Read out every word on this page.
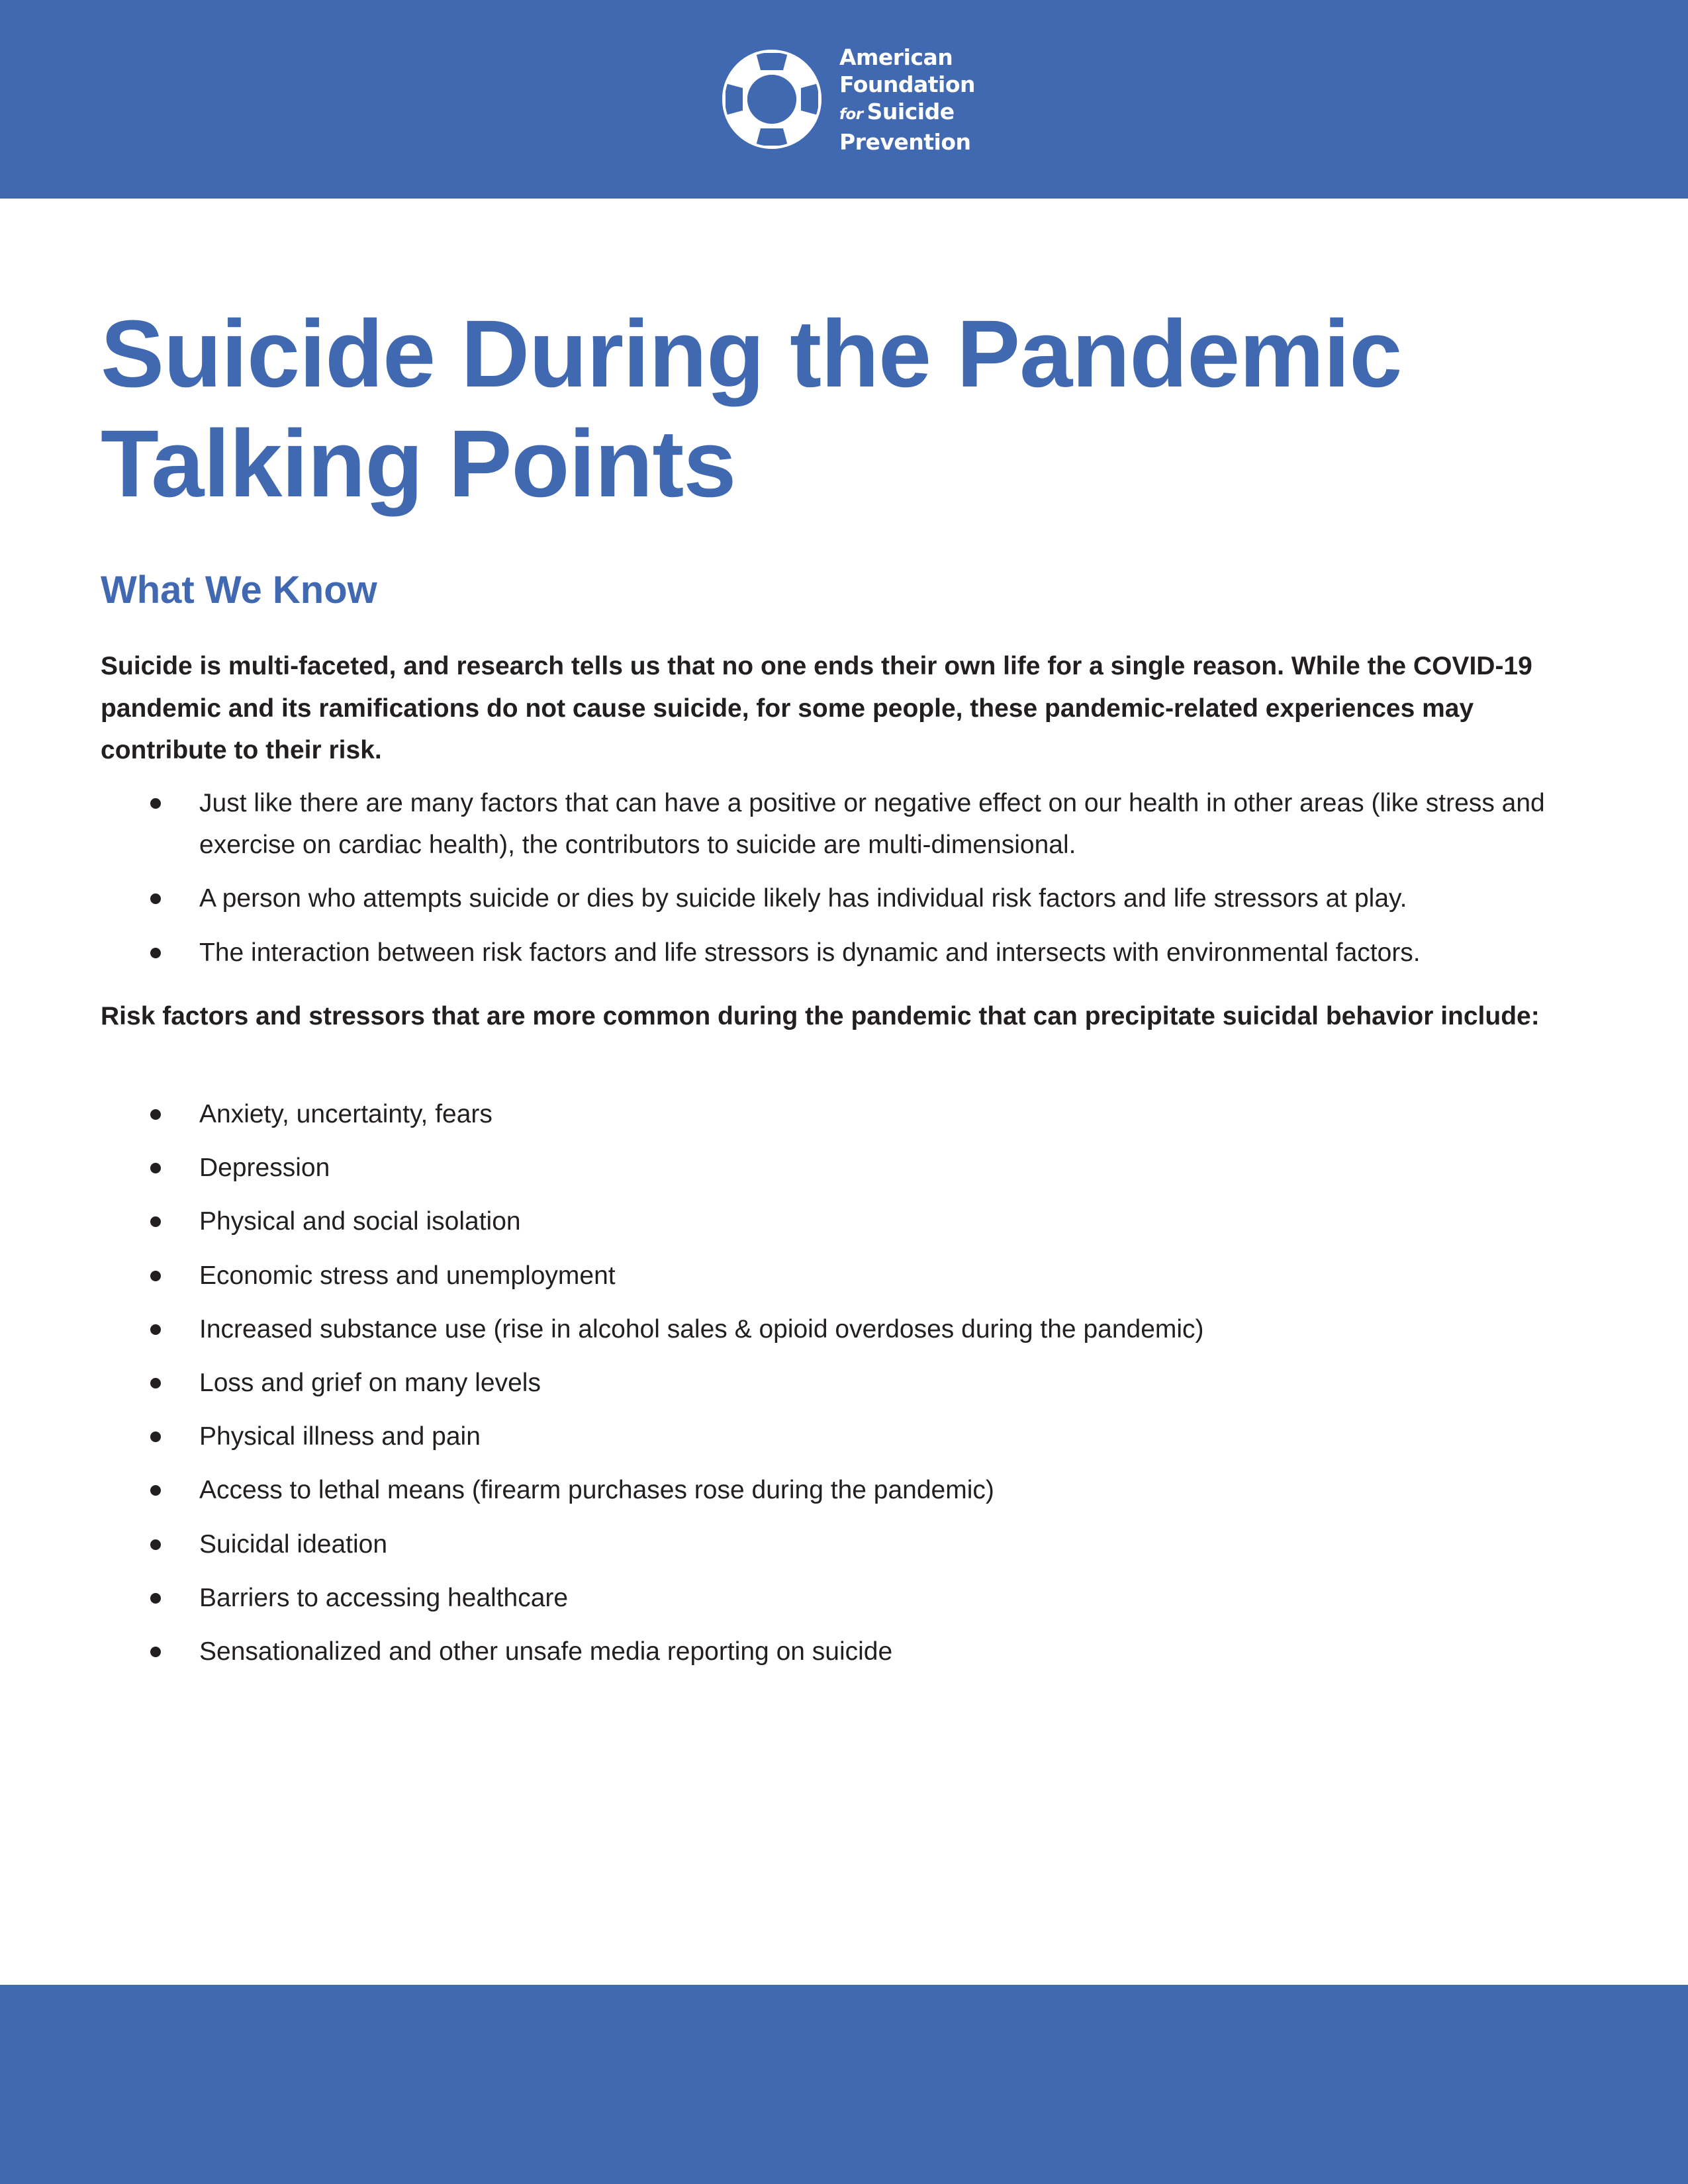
American
Foundation
for Suicide
Prevention
Suicide During the Pandemic
Talking Points
What We Know

Suicide is multi-faceted, and research tells us that no one ends their own life for a single reason. While the COVID-19 pandemic and its ramifications do not cause suicide, for some people, these pandemic-related experiences may contribute to their risk.

Just like there are many factors that can have a positive or negative effect on our health in other areas (like stress and exercise on cardiac health), the contributors to suicide are multi-dimensional.
A person who attempts suicide or dies by suicide likely has individual risk factors and life stressors at play.
The interaction between risk factors and life stressors is dynamic and intersects with environmental factors.

Risk factors and stressors that are more common during the pandemic that can precipitate suicidal behavior include:

Anxiety, uncertainty, fears
Depression
Physical and social isolation
Economic stress and unemployment
Increased substance use (rise in alcohol sales & opioid overdoses during the pandemic)
Loss and grief on many levels
Physical illness and pain
Access to lethal means (firearm purchases rose during the pandemic)
Suicidal ideation
Barriers to accessing healthcare
Sensationalized and other unsafe media reporting on suicide
